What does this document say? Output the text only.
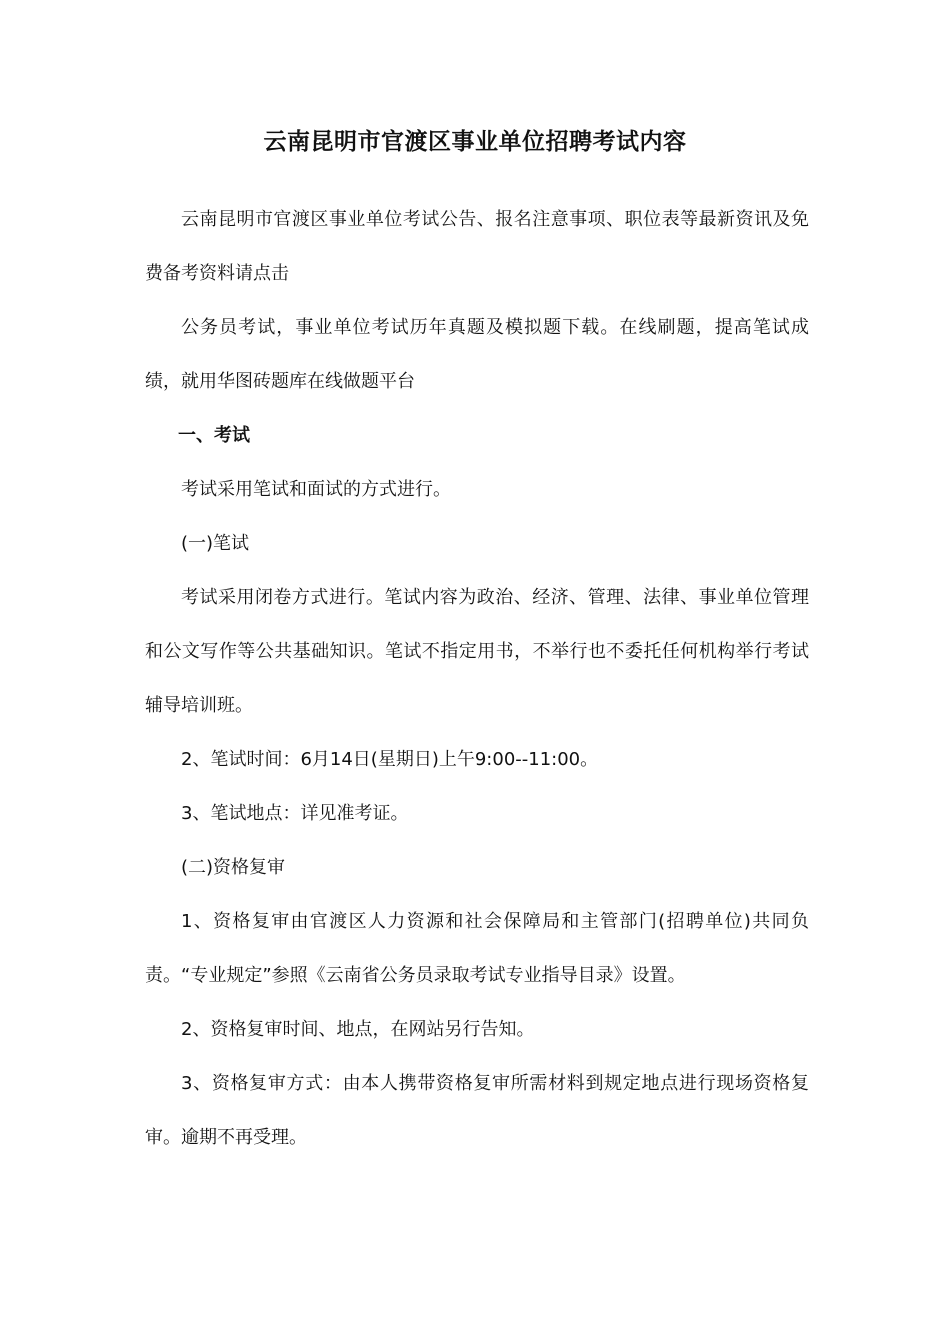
云南昆明市官渡区事业单位招聘考试内容

云南昆明市官渡区事业单位考试公告、报名注意事项、职位表等最新资讯及免费备考资料请点击

公务员考试，事业单位考试历年真题及模拟题下载。在线刷题，提高笔试成绩，就用华图砖题库在线做题平台

一、考试

考试采用笔试和面试的方式进行。

(一)笔试

考试采用闭卷方式进行。笔试内容为政治、经济、管理、法律、事业单位管理和公文写作等公共基础知识。笔试不指定用书，不举行也不委托任何机构举行考试辅导培训班。

2、笔试时间：6月14日(星期日)上午9:00--11:00。

3、笔试地点：详见准考证。

(二)资格复审

1、资格复审由官渡区人力资源和社会保障局和主管部门(招聘单位)共同负责。“专业规定”参照《云南省公务员录取考试专业指导目录》设置。

2、资格复审时间、地点，在网站另行告知。

3、资格复审方式：由本人携带资格复审所需材料到规定地点进行现场资格复审。逾期不再受理。
